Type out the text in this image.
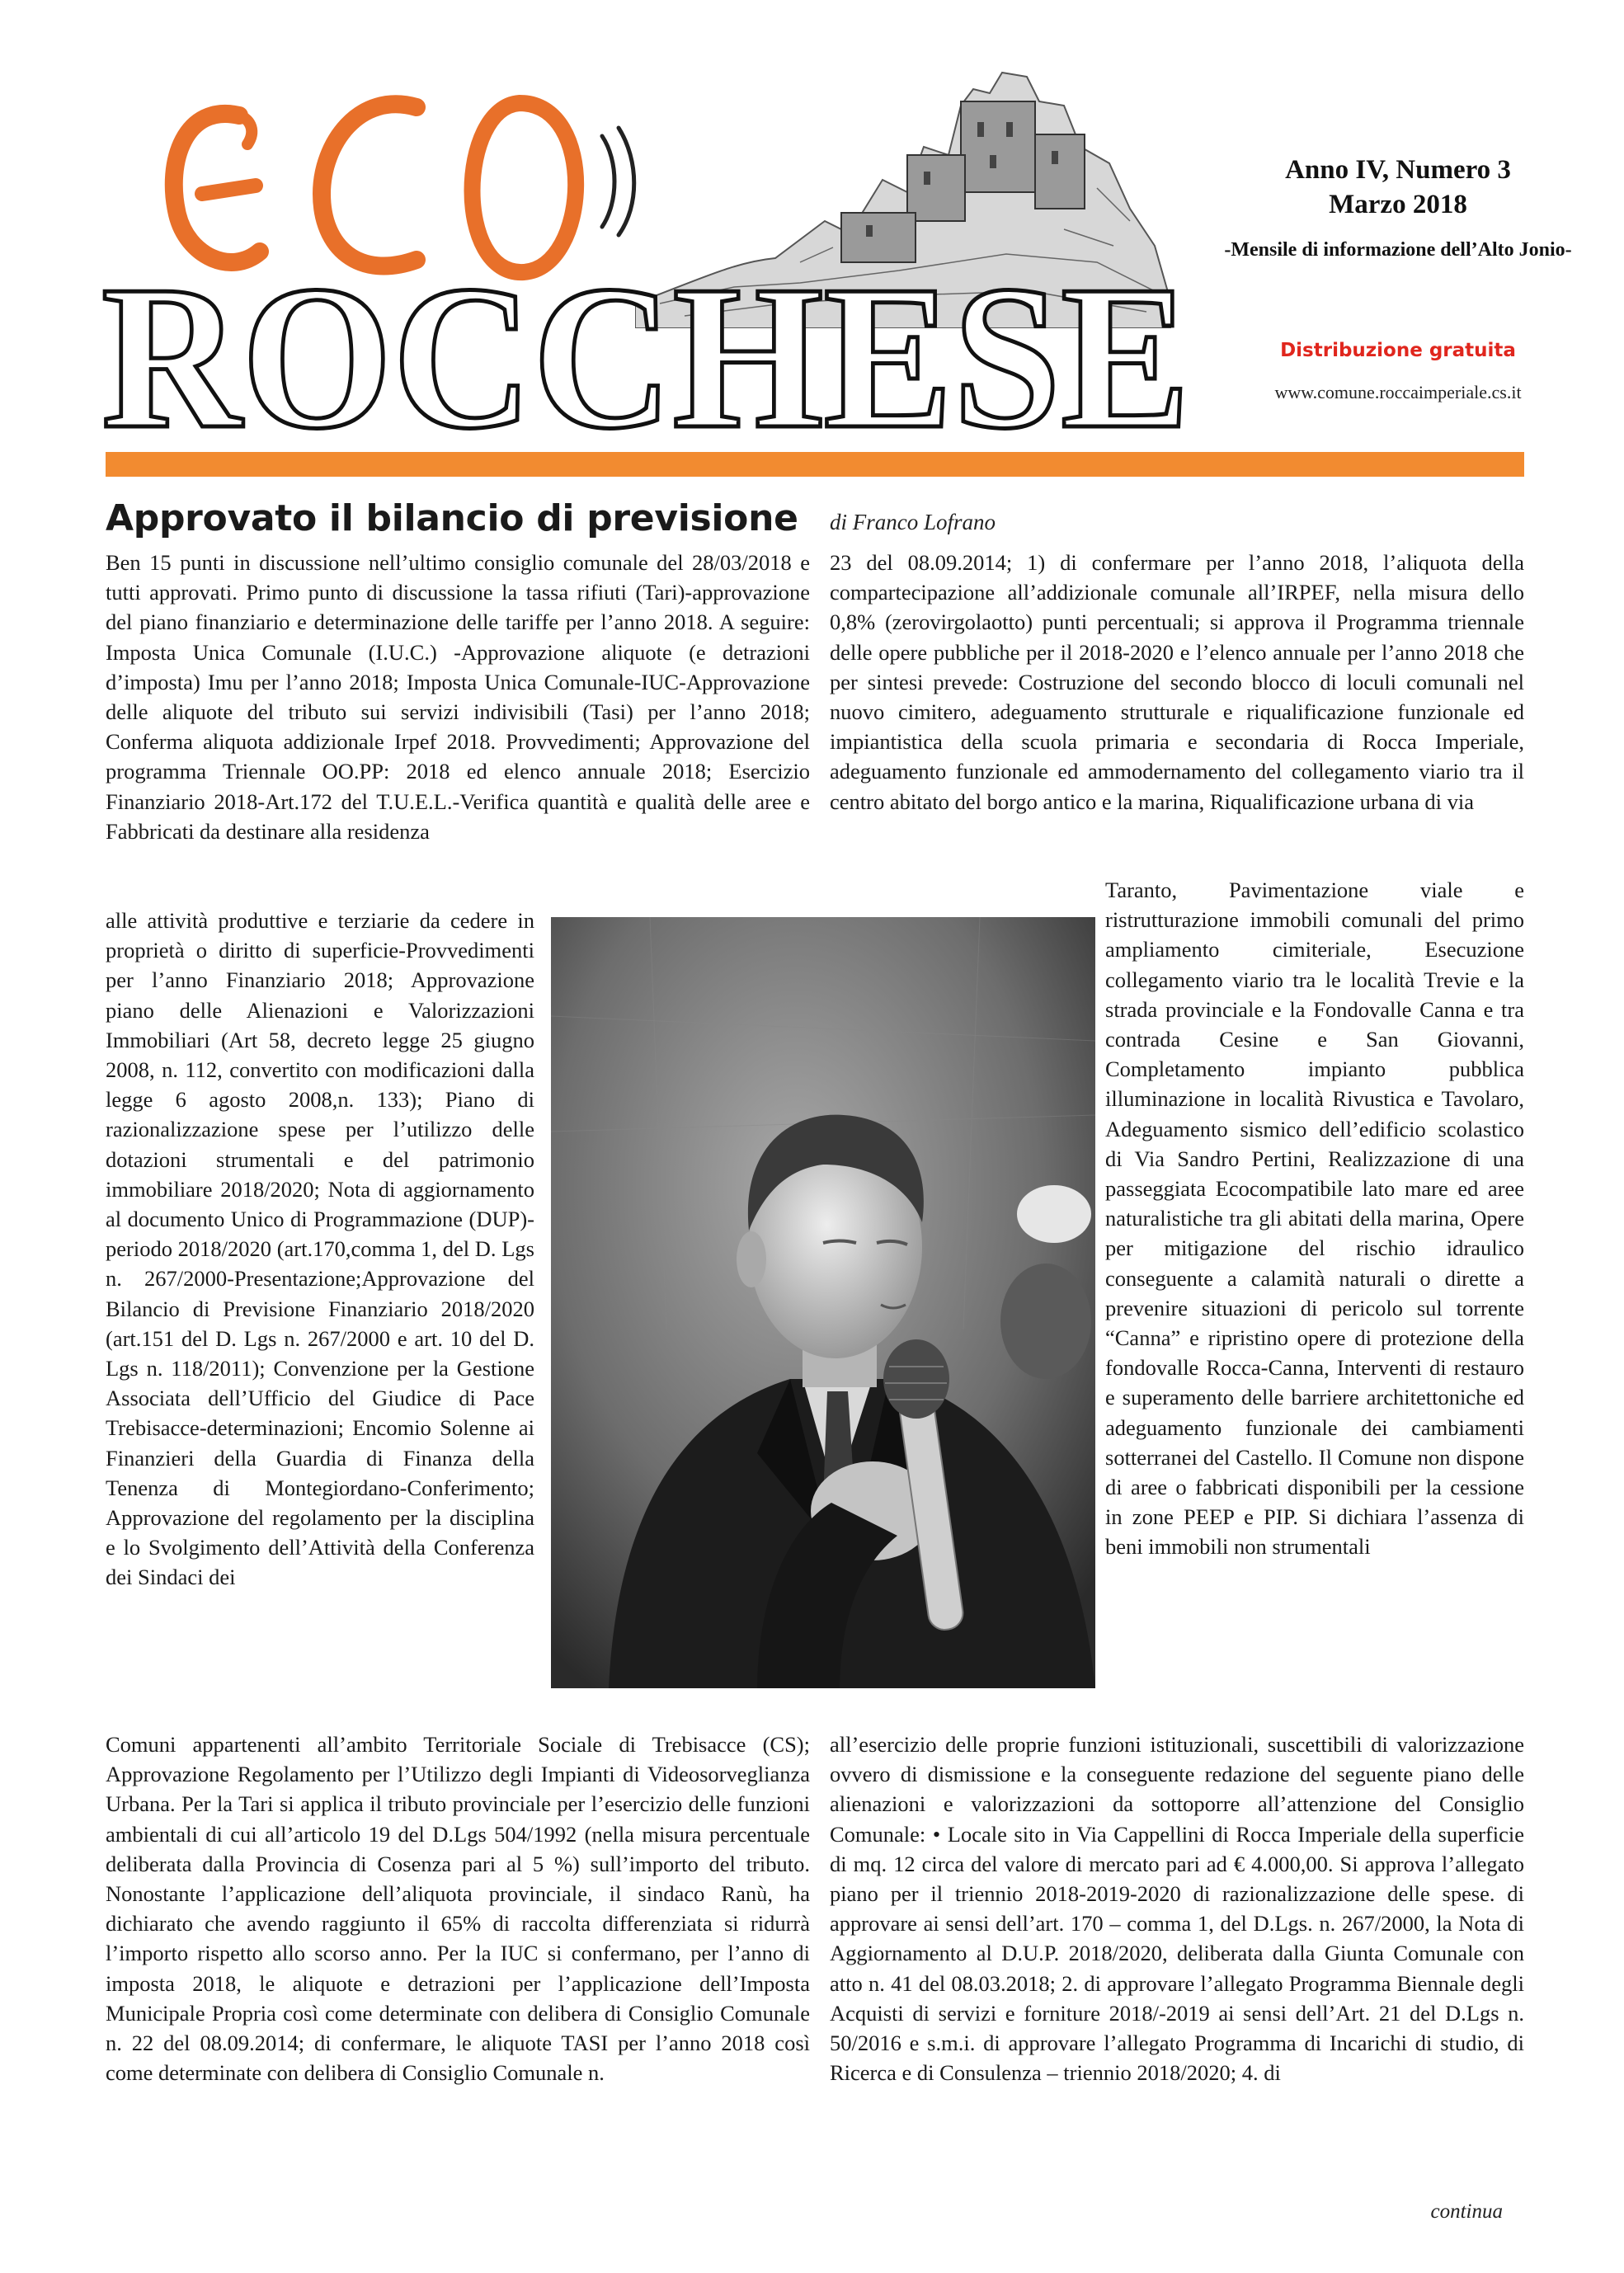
ROCCHESE
Anno IV, Numero 3
Marzo 2018
-Mensile di informazione dell’Alto Jonio-
Distribuzione gratuita
www.comune.roccaimperiale.cs.it
Approvato il bilancio di previsione di Franco Lofrano

Ben 15 punti in discussione nell’ultimo consiglio comunale del 28/03/2018 e tutti approvati. Primo punto di discussione la tassa rifiuti (Tari)-approvazione del piano finanziario e determinazione delle tariffe per l’anno 2018. A seguire: Imposta Unica Comunale (I.U.C.) -Approvazione aliquote (e detrazioni d’imposta) Imu per l’anno 2018; Imposta Unica Comunale-IUC-Approvazione delle aliquote del tributo sui servizi indivisibili (Tasi) per l’anno 2018; Conferma aliquota addizionale Irpef 2018. Provvedimenti; Approvazione del programma Triennale OO.PP: 2018 ed elenco annuale 2018; Esercizio Finanziario 2018-Art.172 del T.U.E.L.-Verifica quantità e qualità delle aree e Fabbricati da destinare alla residenza

alle attività produttive e terziarie da cedere in proprietà o diritto di superficie-Provvedimenti per l’anno Finanziario 2018; Approvazione piano delle Alienazioni e Valorizzazioni Immobiliari (Art 58, decreto legge 25 giugno 2008, n. 112, convertito con modificazioni dalla legge 6 agosto 2008,n. 133); Piano di razionalizzazione spese per l’utilizzo delle dotazioni strumentali e del patrimonio immobiliare 2018/2020; Nota di aggiornamento al documento Unico di Programmazione (DUP)-periodo 2018/2020 (art.170,comma 1, del D. Lgs n. 267/2000-Presentazione;Approvazione del Bilancio di Previsione Finanziario 2018/2020 (art.151 del D. Lgs n. 267/2000 e art. 10 del D. Lgs n. 118/2011); Convenzione per la Gestione Associata dell’Ufficio del Giudice di Pace Trebisacce-determinazioni; Encomio Solenne ai Finanzieri della Guardia di Finanza della Tenenza di Montegiordano-Conferimento; Approvazione del regolamento per la disciplina e lo Svolgimento dell’Attività della Conferenza dei Sindaci dei

Comuni appartenenti all’ambito Territoriale Sociale di Trebisacce (CS); Approvazione Regolamento per l’Utilizzo degli Impianti di Videosorveglianza Urbana. Per la Tari si applica il tributo provinciale per l’esercizio delle funzioni ambientali di cui all’articolo 19 del D.Lgs 504/1992 (nella misura percentuale deliberata dalla Provincia di Cosenza pari al 5 %) sull’importo del tributo. Nonostante l’applicazione dell’aliquota provinciale, il sindaco Ranù, ha dichiarato che avendo raggiunto il 65% di raccolta differenziata si ridurrà l’importo rispetto allo scorso anno. Per la IUC si confermano, per l’anno di imposta 2018, le aliquote e detrazioni per l’applicazione dell’Imposta Municipale Propria così come determinate con delibera di Consiglio Comunale n. 22 del 08.09.2014; di confermare, le aliquote TASI per l’anno 2018 così come determinate con delibera di Consiglio Comunale n.

23 del 08.09.2014; 1) di confermare per l’anno 2018, l’aliquota della compartecipazione all’addizionale comunale all’IRPEF, nella misura dello 0,8% (zerovirgolaotto) punti percentuali; si approva il Programma triennale delle opere pubbliche per il 2018-2020 e l’elenco annuale per l’anno 2018 che per sintesi prevede: Costruzione del secondo blocco di loculi comunali nel nuovo cimitero, adeguamento strutturale e riqualificazione funzionale ed impiantistica della scuola primaria e secondaria di Rocca Imperiale, adeguamento funzionale ed ammodernamento del collegamento viario tra il centro abitato del borgo antico e la marina, Riqualificazione urbana di via

Taranto, Pavimentazione viale e ristrutturazione immobili comunali del primo ampliamento cimiteriale, Esecuzione collegamento viario tra le località Trevie e la strada provinciale e la Fondovalle Canna e tra contrada Cesine e San Giovanni, Completamento impianto pubblica illuminazione in località Rivustica e Tavolaro, Adeguamento sismico dell’edificio scolastico di Via Sandro Pertini, Realizzazione di una passeggiata Ecocompatibile lato mare ed aree naturalistiche tra gli abitati della marina, Opere per mitigazione del rischio idraulico conseguente a calamità naturali o dirette a prevenire situazioni di pericolo sul torrente “Canna” e ripristino opere di protezione della fondovalle Rocca-Canna, Interventi di restauro e superamento delle barriere architettoniche ed adeguamento funzionale dei cambiamenti sotterranei del Castello. Il Comune non dispone di aree o fabbricati disponibili per la cessione in zone PEEP e PIP. Si dichiara l’assenza di beni immobili non strumentali

all’esercizio delle proprie funzioni istituzionali, suscettibili di valorizzazione ovvero di dismissione e la conseguente redazione del seguente piano delle alienazioni e valorizzazioni da sottoporre all’attenzione del Consiglio Comunale: • Locale sito in Via Cappellini di Rocca Imperiale della superficie di mq. 12 circa del valore di mercato pari ad € 4.000,00. Si approva l’allegato piano per il triennio 2018-2019-2020 di razionalizzazione delle spese. di approvare ai sensi dell’art. 170 – comma 1, del D.Lgs. n. 267/2000, la Nota di Aggiornamento al D.U.P. 2018/2020, deliberata dalla Giunta Comunale con atto n. 41 del 08.03.2018; 2. di approvare l’allegato Programma Biennale degli Acquisti di servizi e forniture 2018/-2019 ai sensi dell’Art. 21 del D.Lgs n. 50/2016 e s.m.i. di approvare l’allegato Programma di Incarichi di studio, di Ricerca e di Consulenza – triennio 2018/2020; 4. di

continua
